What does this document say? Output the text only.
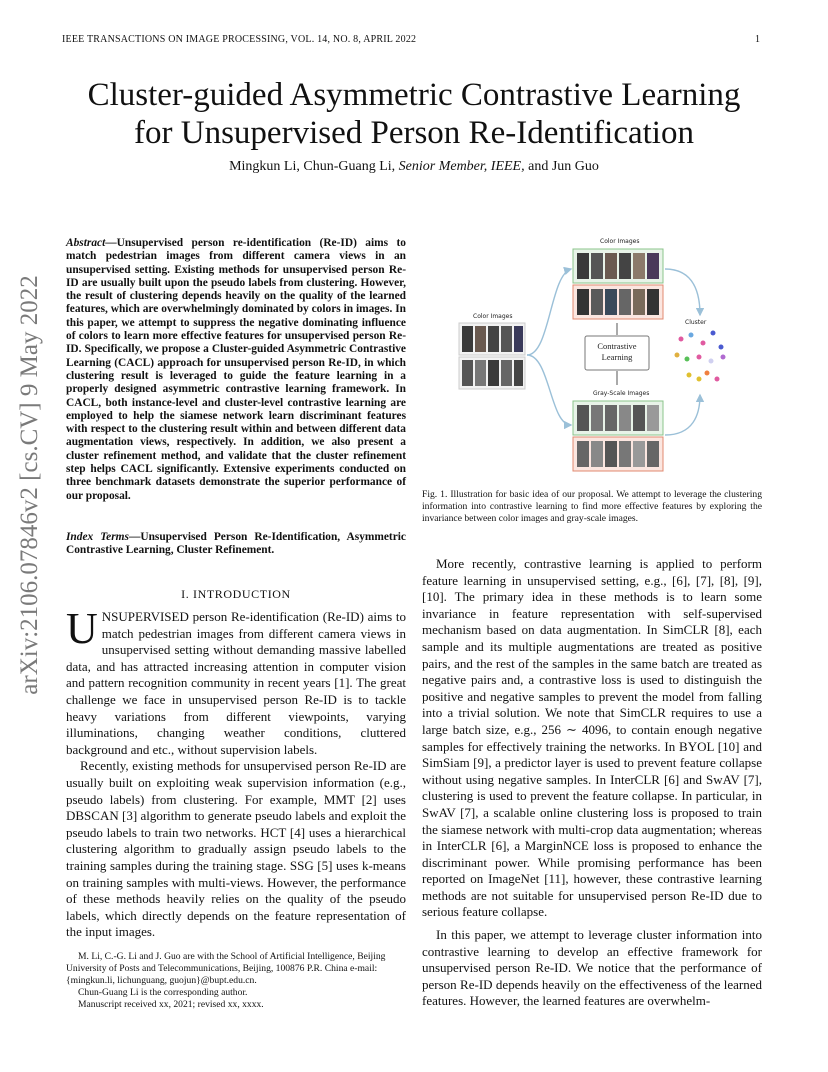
IEEE TRANSACTIONS ON IMAGE PROCESSING, VOL. 14, NO. 8, APRIL 2022	1
Cluster-guided Asymmetric Contrastive Learning
for Unsupervised Person Re-Identification
Mingkun Li, Chun-Guang Li, Senior Member, IEEE, and Jun Guo
arXiv:2106.07846v2 [cs.CV] 9 May 2022
Abstract—Unsupervised person re-identification (Re-ID) aims to match pedestrian images from different camera views in an unsupervised setting. Existing methods for unsupervised person Re-ID are usually built upon the pseudo labels from clustering. However, the result of clustering depends heavily on the quality of the learned features, which are overwhelmingly dominated by colors in images. In this paper, we attempt to suppress the negative dominating influence of colors to learn more effective features for unsupervised person Re-ID. Specifically, we propose a Cluster-guided Asymmetric Contrastive Learning (CACL) approach for unsupervised person Re-ID, in which clustering result is leveraged to guide the feature learning in a properly designed asymmetric contrastive learning framework. In CACL, both instance-level and cluster-level contrastive learning are employed to help the siamese network learn discriminant features with respect to the clustering result within and between different data augmentation views, respectively. In addition, we also present a cluster refinement method, and validate that the cluster refinement step helps CACL significantly. Extensive experiments conducted on three benchmark datasets demonstrate the superior performance of our proposal.
Index Terms—Unsupervised Person Re-Identification, Asymmetric Contrastive Learning, Cluster Refinement.
I. INTRODUCTION

UNSUPERVISED person Re-identification (Re-ID) aims to match pedestrian images from different camera views in unsupervised setting without demanding massive labelled data, and has attracted increasing attention in computer vision and pattern recognition community in recent years [1]. The great challenge we face in unsupervised person Re-ID is to tackle heavy variations from different viewpoints, varying illuminations, changing weather conditions, cluttered background and etc., without supervision labels.

Recently, existing methods for unsupervised person Re-ID are usually built on exploiting weak supervision information (e.g., pseudo labels) from clustering. For example, MMT [2] uses DBSCAN [3] algorithm to generate pseudo labels and exploit the pseudo labels to train two networks. HCT [4] uses a hierarchical clustering algorithm to gradually assign pseudo labels to the training samples during the training stage. SSG [5] uses k-means on training samples with multi-views. However, the performance of these methods heavily relies on the quality of the pseudo labels, which directly depends on the feature representation of the input images.

M. Li, C.-G. Li and J. Guo are with the School of Artificial Intelligence, Beijing University of Posts and Telecommunications, Beijing, 100876 P.R. China e-mail: {mingkun.li, lichunguang, guojun}@bupt.edu.cn.

Chun-Guang Li is the corresponding author.

Manuscript received xx, 2021; revised xx, xxxx.

Color Images
Color Images
Cluster
Gray-Scale Images
Contrastive
Learning
Fig. 1. Illustration for basic idea of our proposal. We attempt to leverage the clustering information into contrastive learning to find more effective features by exploring the invariance between color images and gray-scale images.

More recently, contrastive learning is applied to perform feature learning in unsupervised setting, e.g., [6], [7], [8], [9], [10]. The primary idea in these methods is to learn some invariance in feature representation with self-supervised mechanism based on data augmentation. In SimCLR [8], each sample and its multiple augmentations are treated as positive pairs, and the rest of the samples in the same batch are treated as negative pairs and, a contrastive loss is used to distinguish the positive and negative samples to prevent the model from falling into a trivial solution. We note that SimCLR requires to use a large batch size, e.g., 256 ∼ 4096, to contain enough negative samples for effectively training the networks. In BYOL [10] and SimSiam [9], a predictor layer is used to prevent feature collapse without using negative samples. In InterCLR [6] and SwAV [7], clustering is used to prevent the feature collapse. In particular, in SwAV [7], a scalable online clustering loss is proposed to train the siamese network with multi-crop data augmentation; whereas in InterCLR [6], a MarginNCE loss is proposed to enhance the discriminant power. While promising performance has been reported on ImageNet [11], however, these contrastive learning methods are not suitable for unsupervised person Re-ID due to serious feature collapse.

In this paper, we attempt to leverage cluster information into contrastive learning to develop an effective framework for unsupervised person Re-ID. We notice that the performance of person Re-ID depends heavily on the effectiveness of the learned features. However, the learned features are overwhelm-
